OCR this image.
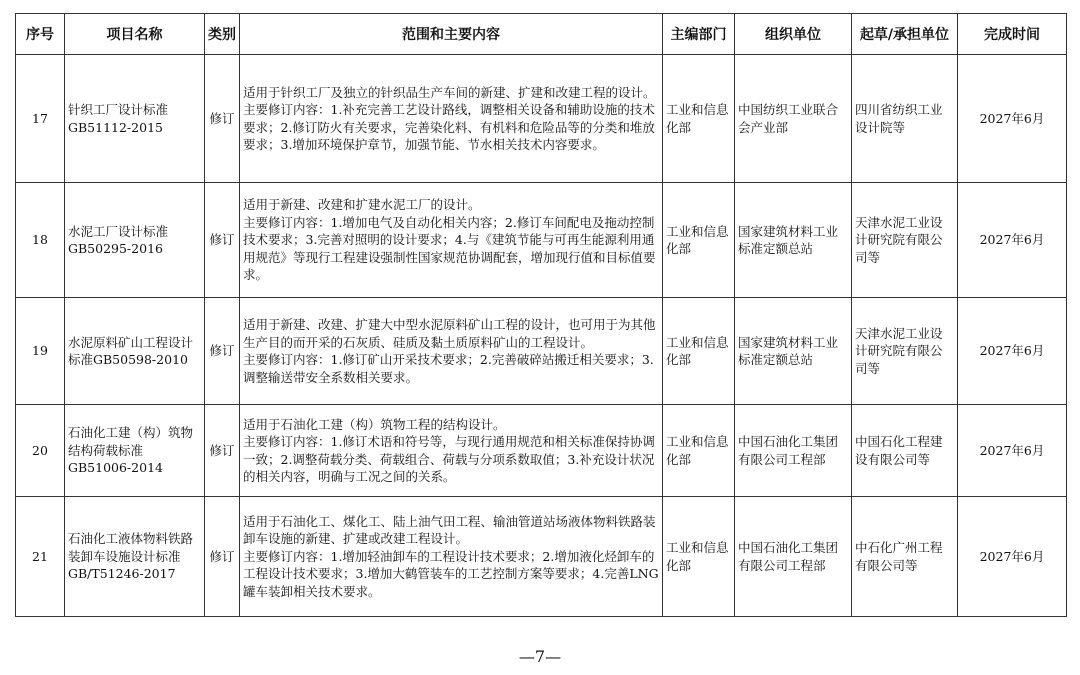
序号	项目名称	类别	范围和主要内容	主编部门	组织单位	起草/承担单位	完成时间
17	针织工厂设计标准GB51112-2015	修订	适用于针织工厂及独立的针织品生产车间的新建、扩建和改建工程的设计。

主要修订内容：1.补充完善工艺设计路线，调整相关设备和辅助设施的技术要求；2.修订防火有关要求，完善染化料、有机料和危险品等的分类和堆放要求；3.增加环境保护章节，加强节能、节水相关技术内容要求。	工业和信息化部	中国纺织工业联合会产业部	四川省纺织工业设计院等	2027年6月
18	水泥工厂设计标准GB50295-2016	修订	适用于新建、改建和扩建水泥工厂的设计。

主要修订内容：1.增加电气及自动化相关内容；2.修订车间配电及拖动控制技术要求；3.完善对照明的设计要求；4.与《建筑节能与可再生能源利用通用规范》等现行工程建设强制性国家规范协调配套，增加现行值和目标值要求。	工业和信息化部	国家建筑材料工业标准定额总站	天津水泥工业设计研究院有限公司等	2027年6月
19	水泥原料矿山工程设计标准GB50598-2010	修订	适用于新建、改建、扩建大中型水泥原料矿山工程的设计，也可用于为其他生产目的而开采的石灰质、硅质及黏土质原料矿山的工程设计。

主要修订内容：1.修订矿山开采技术要求；2.完善破碎站搬迁相关要求；3.调整输送带安全系数相关要求。	工业和信息化部	国家建筑材料工业标准定额总站	天津水泥工业设计研究院有限公司等	2027年6月
20	石油化工建（构）筑物结构荷载标准GB51006-2014	修订	适用于石油化工建（构）筑物工程的结构设计。

主要修订内容：1.修订术语和符号等，与现行通用规范和相关标准保持协调一致；2.调整荷载分类、荷载组合、荷载与分项系数取值；3.补充设计状况的相关内容，明确与工况之间的关系。	工业和信息化部	中国石油化工集团有限公司工程部	中国石化工程建设有限公司等	2027年6月
21	石油化工液体物料铁路装卸车设施设计标准GB/T51246-2017	修订	适用于石油化工、煤化工、陆上油气田工程、输油管道站场液体物料铁路装卸车设施的新建、扩建或改建工程设计。

主要修订内容：1.增加轻油卸车的工程设计技术要求；2.增加液化烃卸车的工程设计技术要求；3.增加大鹤管装车的工艺控制方案等要求；4.完善LNG罐车装卸相关技术要求。	工业和信息化部	中国石油化工集团有限公司工程部	中石化广州工程有限公司等	2027年6月
—7—
